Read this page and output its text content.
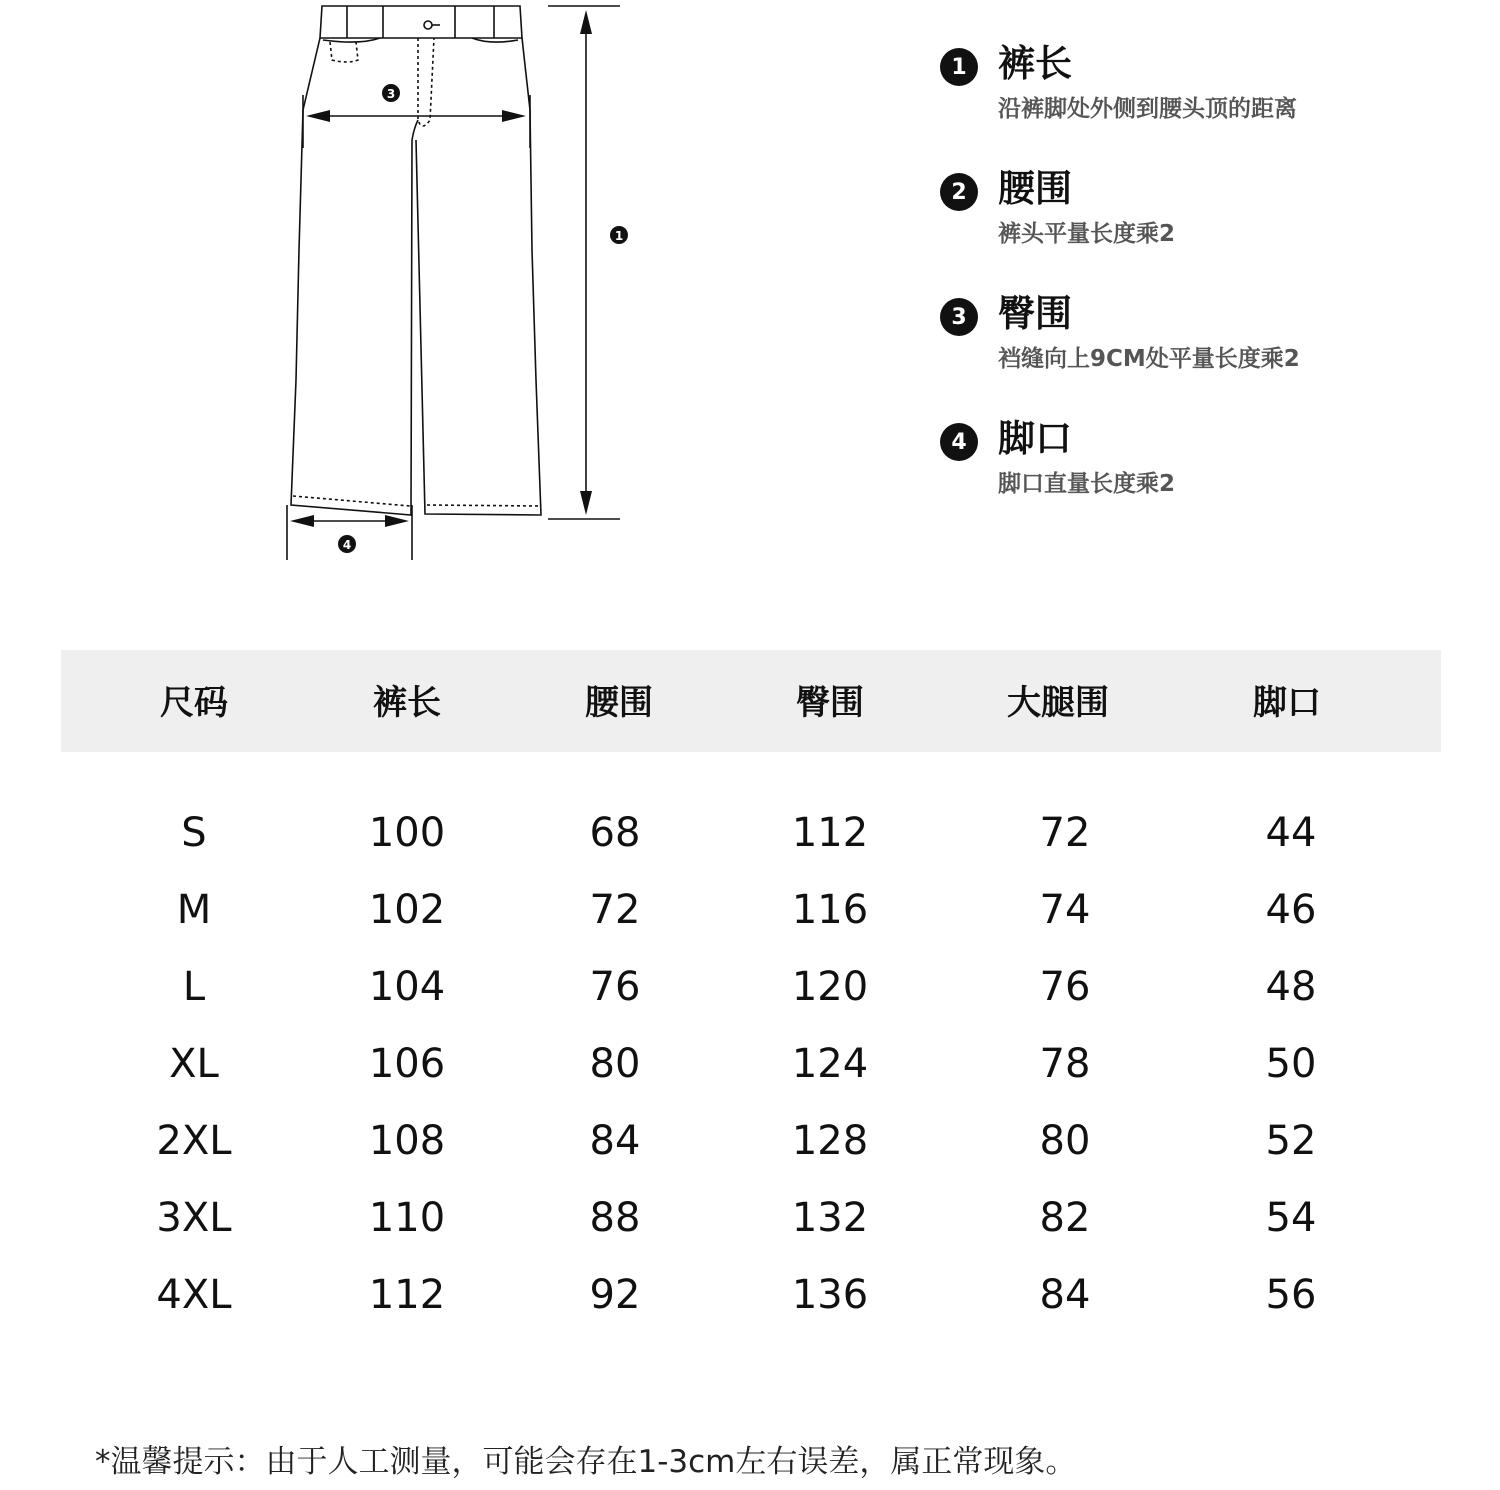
1
3
4
1 裤长
沿裤脚处外侧到腰头顶的距离
2 腰围
裤头平量长度乘2
3 臀围
裆缝向上9CM处平量长度乘2
4 脚口
脚口直量长度乘2
尺码	裤长	腰围	臀围	大腿围	脚口
S	100	68	112	72	44
M	102	72	116	74	46
L	104	76	120	76	48
XL	106	80	124	78	50
2XL	108	84	128	80	52
3XL	110	88	132	82	54
4XL	112	92	136	84	56
*温馨提示：由于人工测量，可能会存在1-3cm左右误差，属正常现象。
